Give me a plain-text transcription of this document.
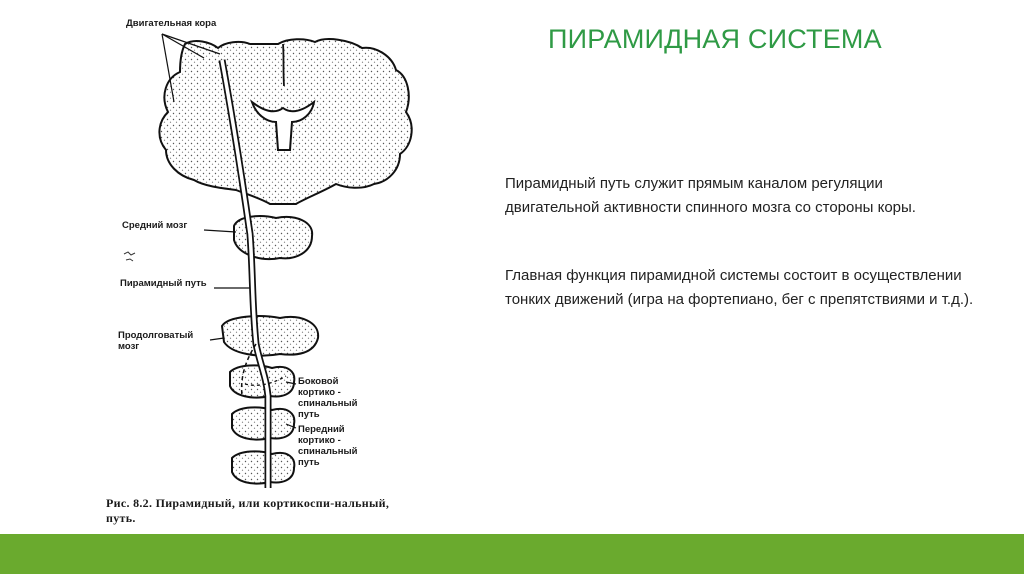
Двигательная кора
Средний мозг
Пирамидный путь
Продолговатый
мозг
Боковой
кортико -
спинальный
путь
Передний
кортико -
спинальный
путь
Рис. 8.2. Пирамидный, или кортикоспи-нальный, путь.
ПИРАМИДНАЯ СИСТЕМА

Пирамидный путь служит прямым каналом регуляции двигательной активности спинного мозга со стороны коры.

Главная функция пирамидной системы состоит в осуществлении тонких движений (игра на фортепиано, бег с препятствиями и т.д.).
